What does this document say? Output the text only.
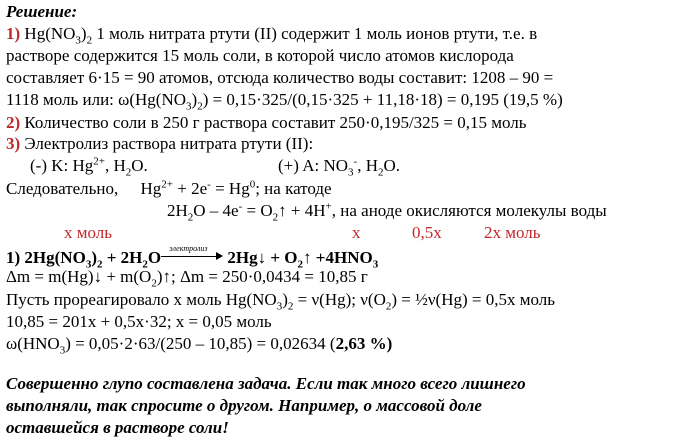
Решение:
1) $Hg(NO_3)_2$ 1 моль нитрата ртути (II) содержит 1 моль ионов ртути, т.е. в
растворе содержится 15 моль соли, в которой число атомов кислорода
составляет 6·15 = 90 атомов, отсюда количество воды составит: 1208 – 90 =
1118 моль или: $\omega(Hg(NO_3)_2) = 0,15\cdot 325/(0,15\cdot 325 + 11,18\cdot 18) = 0,195$ (19,5 %)
2) Количество соли в 250 г раствора составит 250·0,195/325 = 0,15 моль
3) Электролиз раствора нитрата ртути (II):
(-) K: $Hg^{2+}$, $H_2O$.	(+) A: $NO_3^-$, $H_2O$.
Следовательно, $Hg^{2+} + 2e^- = Hg^0$; на катоде
$2H_2O - 4e^-$ = $O_2↑ + 4H^+$, на аноде окисляются молекулы воды
x моль	x	0,5x 2x моль
1) $2Hg(NO_3)_2 + 2H_2O$ электролиз 2Hg↓ + $O_2↑ +4HNO_3$
Δm = m(Hg)↓ + $m(O_2)↑$; Δm = 250·0,0434 = 10,85 г
Пусть прореагировало x моль $Hg(NO_3)_2 = \nu(Hg)$; $\nu(O_2)$ = ½ν(Hg) = 0,5x моль
10,85 = 201x + 0,5x·32; x = 0,05 моль
$\omega(HNO_3) = 0,05\cdot 2\cdot 63/(250 - 10,85) = 0,02634$ (2,63 %)
Совершенно глупо составлена задача. Если так много всего лишнего
выполняли, так спросите о другом. Например, о массовой доле
оставшейся в растворе соли!
